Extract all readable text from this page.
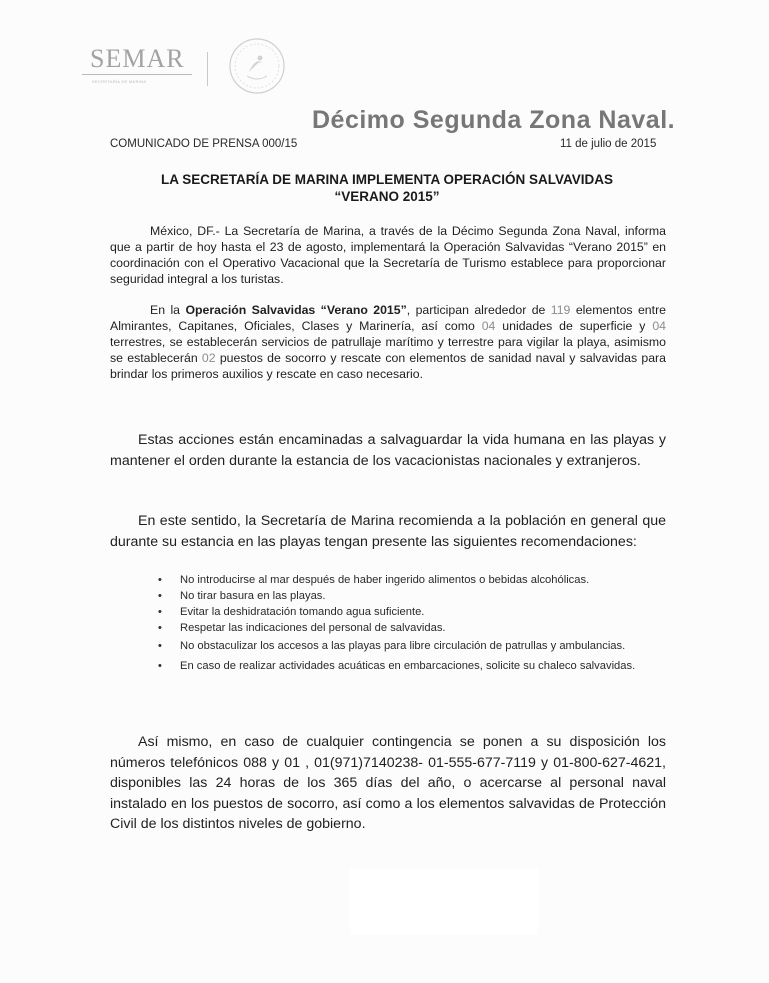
SEMAR
SECRETARÍA DE MARINA
Décimo Segunda Zona Naval.
COMUNICADO DE PRENSA 000/15	11 de julio de 2015
LA SECRETARÍA DE MARINA IMPLEMENTA OPERACIÓN SALVAVIDAS
“VERANO 2015”

México, DF.- La Secretaría de Marina, a través de la Décimo Segunda Zona Naval, informa que a partir de hoy hasta el 23 de agosto, implementará la Operación Salvavidas “Verano 2015” en coordinación con el Operativo Vacacional que la Secretaría de Turismo establece para proporcionar seguridad integral a los turistas.

En la Operación Salvavidas “Verano 2015”, participan alrededor de 119 elementos entre Almirantes, Capitanes, Oficiales, Clases y Marinería, así como 04 unidades de superficie y 04 terrestres, se establecerán servicios de patrullaje marítimo y terrestre para vigilar la playa, asimismo se establecerán 02 puestos de socorro y rescate con elementos de sanidad naval y salvavidas para brindar los primeros auxilios y rescate en caso necesario.

Estas acciones están encaminadas a salvaguardar la vida humana en las playas y mantener el orden durante la estancia de los vacacionistas nacionales y extranjeros.

En este sentido, la Secretaría de Marina recomienda a la población en general que durante su estancia en las playas tengan presente las siguientes recomendaciones:

• No introducirse al mar después de haber ingerido alimentos o bebidas alcohólicas.
• No tirar basura en las playas.
• Evitar la deshidratación tomando agua suficiente.
• Respetar las indicaciones del personal de salvavidas.
• No obstaculizar los accesos a las playas para libre circulación de patrullas y ambulancias.
• En caso de realizar actividades acuáticas en embarcaciones, solicite su chaleco salvavidas.

Así mismo, en caso de cualquier contingencia se ponen a su disposición los números telefónicos 088 y 01 , 01(971)7140238- 01-555-677-7119 y 01-800-627-4621, disponibles las 24 horas de los 365 días del año, o acercarse al personal naval instalado en los puestos de socorro, así como a los elementos salvavidas de Protección Civil de los distintos niveles de gobierno.
